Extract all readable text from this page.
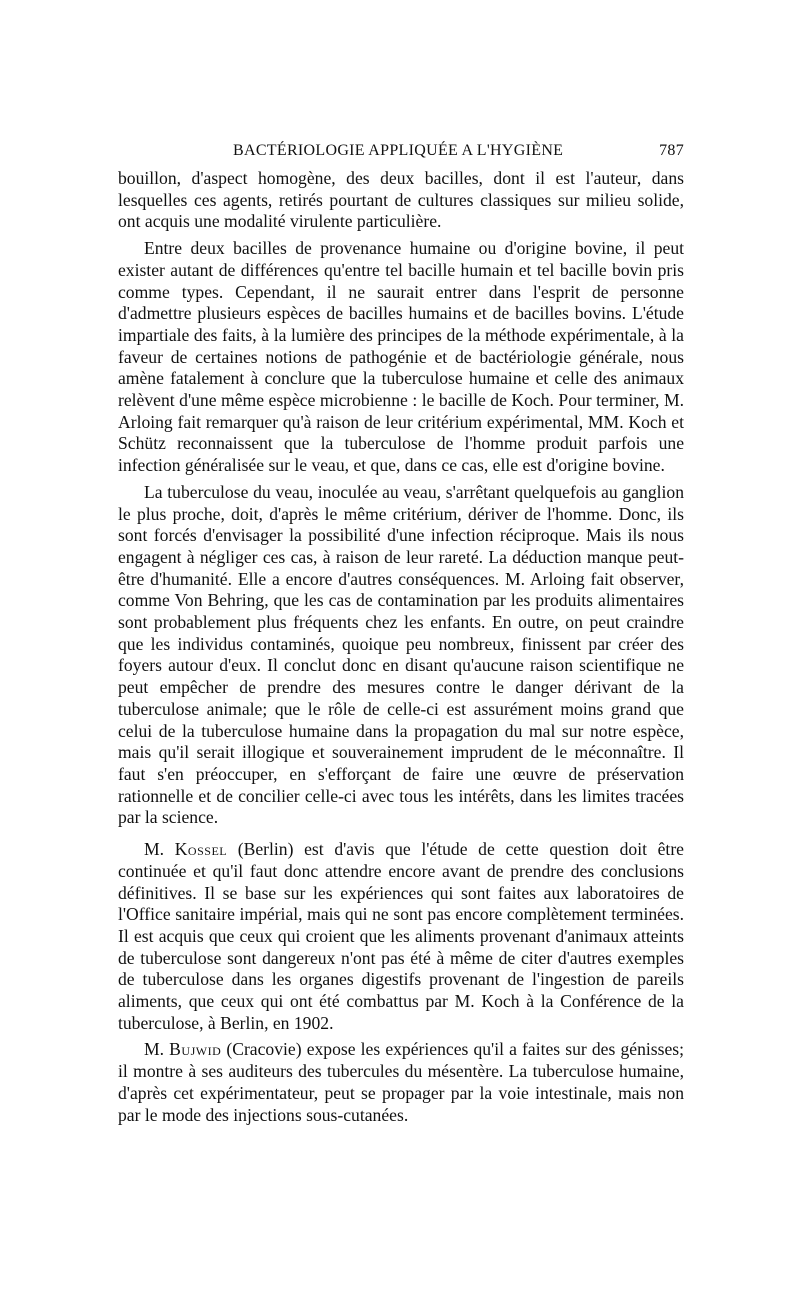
BACTÉRIOLOGIE APPLIQUÉE A L'HYGIÈNE	787

bouillon, d'aspect homogène, des deux bacilles, dont il est l'auteur, dans lesquelles ces agents, retirés pourtant de cultures classiques sur milieu solide, ont acquis une modalité virulente particulière.

Entre deux bacilles de provenance humaine ou d'origine bovine, il peut exister autant de différences qu'entre tel bacille humain et tel bacille bovin pris comme types. Cependant, il ne saurait entrer dans l'esprit de personne d'admettre plusieurs espèces de bacilles humains et de bacilles bovins. L'étude impartiale des faits, à la lumière des principes de la méthode expérimentale, à la faveur de certaines notions de pathogénie et de bactériologie générale, nous amène fatalement à conclure que la tuberculose humaine et celle des animaux relèvent d'une même espèce microbienne : le bacille de Koch. Pour terminer, M. Arloing fait remarquer qu'à raison de leur critérium expérimental, MM. Koch et Schütz reconnaissent que la tuberculose de l'homme produit parfois une infection généralisée sur le veau, et que, dans ce cas, elle est d'origine bovine.

La tuberculose du veau, inoculée au veau, s'arrêtant quelquefois au ganglion le plus proche, doit, d'après le même critérium, dériver de l'homme. Donc, ils sont forcés d'envisager la possibilité d'une infection réciproque. Mais ils nous engagent à négliger ces cas, à raison de leur rareté. La déduction manque peut-être d'humanité. Elle a encore d'autres conséquences. M. Arloing fait observer, comme Von Behring, que les cas de contamination par les produits alimentaires sont probablement plus fréquents chez les enfants. En outre, on peut craindre que les individus contaminés, quoique peu nombreux, finissent par créer des foyers autour d'eux. Il conclut donc en disant qu'aucune raison scientifique ne peut empêcher de prendre des mesures contre le danger dérivant de la tuberculose animale; que le rôle de celle-ci est assurément moins grand que celui de la tuberculose humaine dans la propagation du mal sur notre espèce, mais qu'il serait illogique et souverainement imprudent de le méconnaître. Il faut s'en préoccuper, en s'efforçant de faire une œuvre de préservation rationnelle et de concilier celle-ci avec tous les intérêts, dans les limites tracées par la science.

M. Kossel (Berlin) est d'avis que l'étude de cette question doit être continuée et qu'il faut donc attendre encore avant de prendre des conclusions définitives. Il se base sur les expériences qui sont faites aux laboratoires de l'Office sanitaire impérial, mais qui ne sont pas encore complètement terminées. Il est acquis que ceux qui croient que les aliments provenant d'animaux atteints de tuberculose sont dangereux n'ont pas été à même de citer d'autres exemples de tuberculose dans les organes digestifs provenant de l'ingestion de pareils aliments, que ceux qui ont été combattus par M. Koch à la Conférence de la tuberculose, à Berlin, en 1902.

M. Bujwid (Cracovie) expose les expériences qu'il a faites sur des génisses; il montre à ses auditeurs des tubercules du mésentère. La tuberculose humaine, d'après cet expérimentateur, peut se propager par la voie intestinale, mais non par le mode des injections sous-cutanées.
